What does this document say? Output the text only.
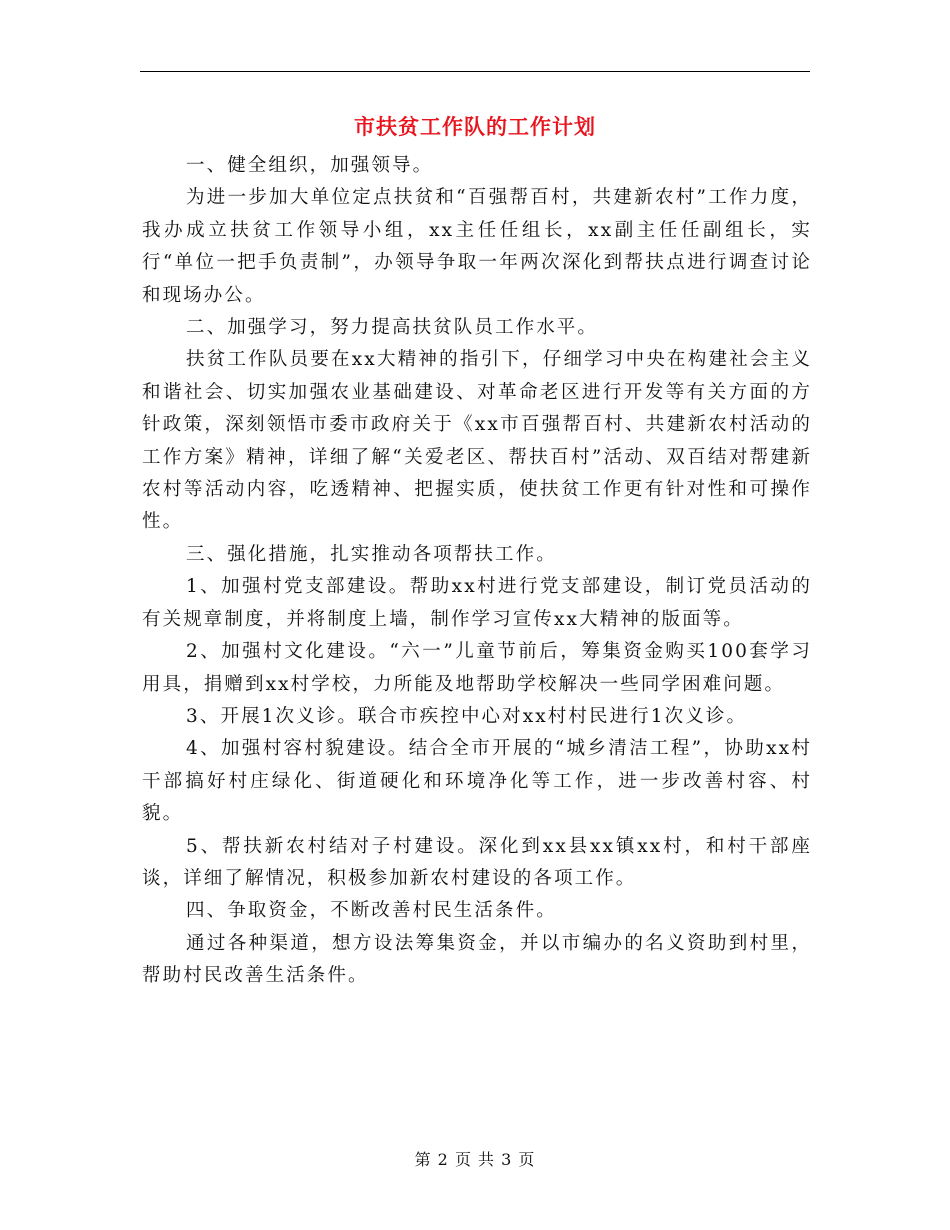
市扶贫工作队的工作计划

一、健全组织，加强领导。

为进一步加大单位定点扶贫和“百强帮百村，共建新农村”工作力度，我办成立扶贫工作领导小组，xx主任任组长，xx副主任任副组长，实行“单位一把手负责制”，办领导争取一年两次深化到帮扶点进行调查讨论和现场办公。

二、加强学习，努力提高扶贫队员工作水平。

扶贫工作队员要在xx大精神的指引下，仔细学习中央在构建社会主义和谐社会、切实加强农业基础建设、对革命老区进行开发等有关方面的方针政策，深刻领悟市委市政府关于《xx市百强帮百村、共建新农村活动的工作方案》精神，详细了解“关爱老区、帮扶百村”活动、双百结对帮建新农村等活动内容，吃透精神、把握实质，使扶贫工作更有针对性和可操作性。

三、强化措施，扎实推动各项帮扶工作。

1、加强村党支部建设。帮助xx村进行党支部建设，制订党员活动的有关规章制度，并将制度上墙，制作学习宣传xx大精神的版面等。

2、加强村文化建设。“六一”儿童节前后，筹集资金购买100套学习用具，捐赠到xx村学校，力所能及地帮助学校解决一些同学困难问题。

3、开展1次义诊。联合市疾控中心对xx村村民进行1次义诊。

4、加强村容村貌建设。结合全市开展的“城乡清洁工程”，协助xx村干部搞好村庄绿化、街道硬化和环境净化等工作，进一步改善村容、村貌。

5、帮扶新农村结对子村建设。深化到xx县xx镇xx村，和村干部座谈，详细了解情况，积极参加新农村建设的各项工作。

四、争取资金，不断改善村民生活条件。

通过各种渠道，想方设法筹集资金，并以市编办的名义资助到村里，帮助村民改善生活条件。

第 2 页 共 3 页
